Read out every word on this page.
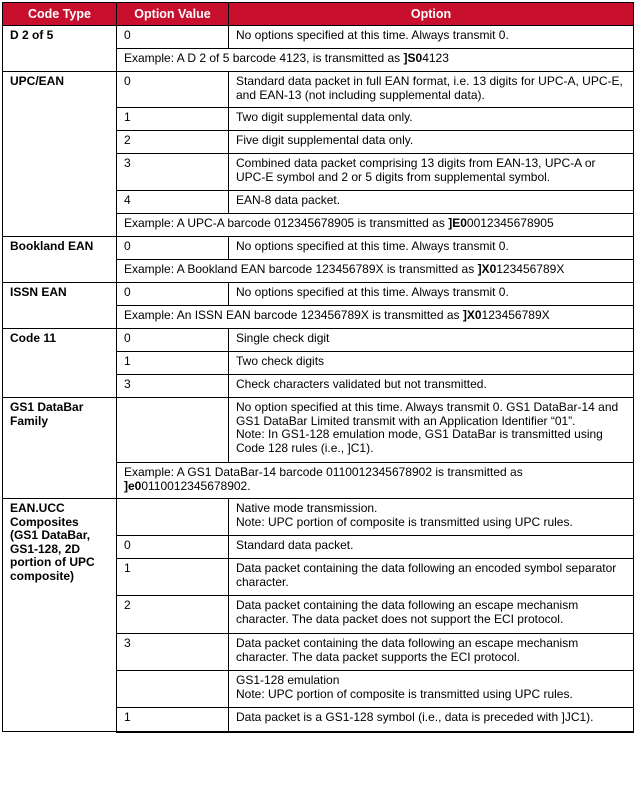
Code Type	Option Value	Option
D 2 of 5	0	No options specified at this time. Always transmit 0.
	Example: A D 2 of 5 barcode 4123, is transmitted as ]S04123	
UPC/EAN	0	Standard data packet in full EAN format, i.e. 13 digits for UPC-A, UPC-E, and EAN-13 (not including supplemental data).
	1	Two digit supplemental data only.
	2	Five digit supplemental data only.
	3	Combined data packet comprising 13 digits from EAN-13, UPC-A or UPC-E symbol and 2 or 5 digits from supplemental symbol.
	4	EAN-8 data packet.
	Example: A UPC-A barcode 012345678905 is transmitted as ]E00012345678905	
Bookland EAN	0	No options specified at this time. Always transmit 0.
	Example: A Bookland EAN barcode 123456789X is transmitted as ]X0123456789X	
ISSN EAN	0	No options specified at this time. Always transmit 0.
	Example: An ISSN EAN barcode 123456789X is transmitted as ]X0123456789X	
Code 11	0	Single check digit
	1	Two check digits
	3	Check characters validated but not transmitted.
GS1 DataBar Family		No option specified at this time. Always transmit 0. GS1 DataBar-14 and GS1 DataBar Limited transmit with an Application Identifier “01”.
Note: In GS1-128 emulation mode, GS1 DataBar is transmitted using Code 128 rules (i.e., ]C1).
	Example: A GS1 DataBar-14 barcode 0110012345678902 is transmitted as ]e00110012345678902.	
EAN.UCC Composites (GS1 DataBar, GS1-128, 2D portion of UPC composite)		Native mode transmission.
Note: UPC portion of composite is transmitted using UPC rules.
	0	Standard data packet.
	1	Data packet containing the data following an encoded symbol separator character.
	2	Data packet containing the data following an escape mechanism character. The data packet does not support the ECI protocol.
	3	Data packet containing the data following an escape mechanism character. The data packet supports the ECI protocol.
		GS1-128 emulation
Note: UPC portion of composite is transmitted using UPC rules.
	1	Data packet is a GS1-128 symbol (i.e., data is preceded with ]JC1).
